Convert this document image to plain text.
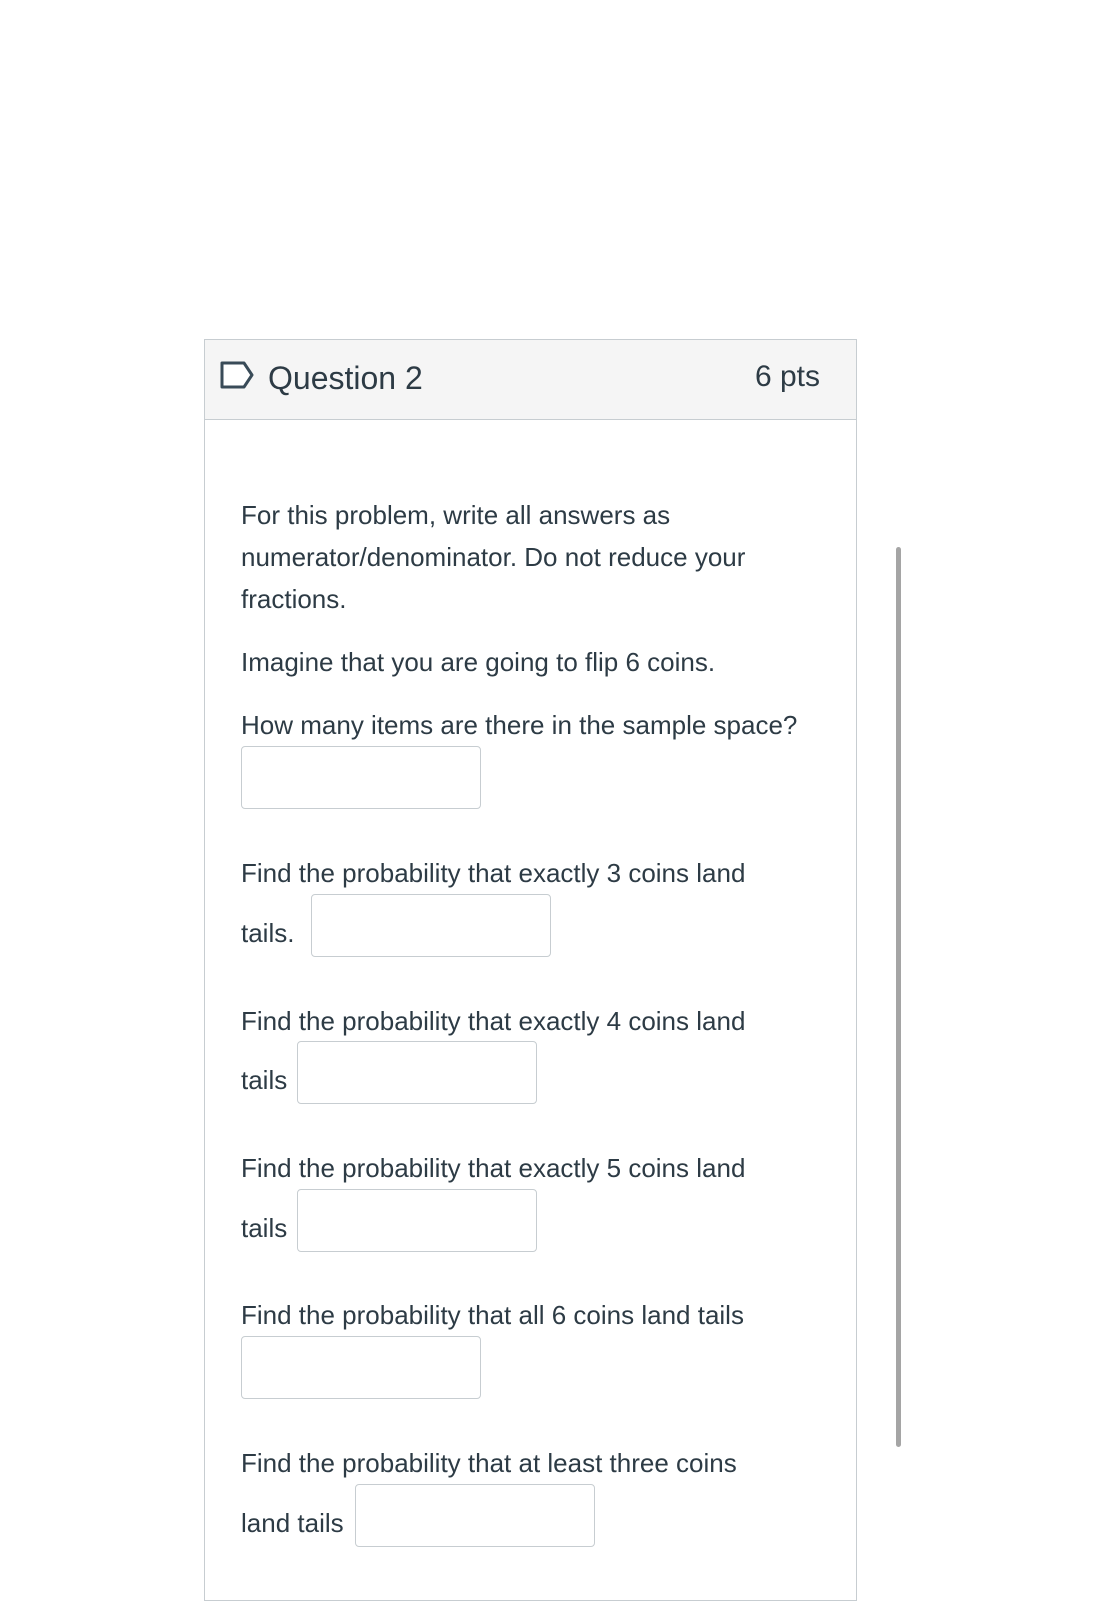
Question 2	6 pts
For this problem, write all answers as numerator/denominator. Do not reduce your fractions.
Imagine that you are going to flip 6 coins.
How many items are there in the sample space?
Find the probability that exactly 3 coins land
tails.
Find the probability that exactly 4 coins land
tails
Find the probability that exactly 5 coins land
tails
Find the probability that all 6 coins land tails
Find the probability that at least three coins
land tails
